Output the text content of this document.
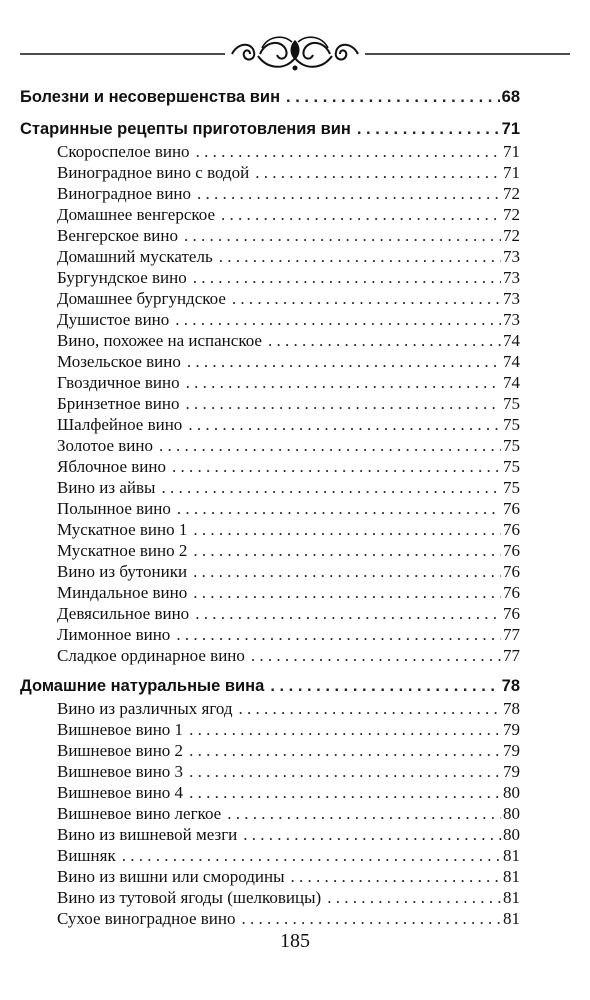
Болезни и несовершенства вин . . .	68
Старинные рецепты приготовления вин . . .	71
Скороспелое вино . . .	71
Виноградное вино с водой . . .	71
Виноградное вино . . .	72
Домашнее венгерское . . .	72
Венгерское вино . . .	72
Домашний мускатель . . .	73
Бургундское вино . . .	73
Домашнее бургундское . . .	73
Душистое вино . . .	73
Вино, похожее на испанское . . .	74
Мозельское вино . . .	74
Гвоздичное вино . . .	74
Бринзетное вино . . .	75
Шалфейное вино . . .	75
Золотое вино . . .	75
Яблочное вино . . .	75
Вино из айвы . . .	75
Полынное вино . . .	76
Мускатное вино 1 . . .	76
Мускатное вино 2 . . .	76
Вино из бутоники . . .	76
Миндальное вино . . .	76
Девясильное вино . . .	76
Лимонное вино . . .	77
Сладкое ординарное вино . . .	77
Домашние натуральные вина . . .	78
Вино из различных ягод . . .	78
Вишневое вино 1 . . .	79
Вишневое вино 2 . . .	79
Вишневое вино 3 . . .	79
Вишневое вино 4 . . .	80
Вишневое вино легкое . . .	80
Вино из вишневой мезги . . .	80
Вишняк . . .	81
Вино из вишни или смородины . . .	81
Вино из тутовой ягоды (шелковицы) . . .	81
Сухое виноградное вино . . .	81
185
